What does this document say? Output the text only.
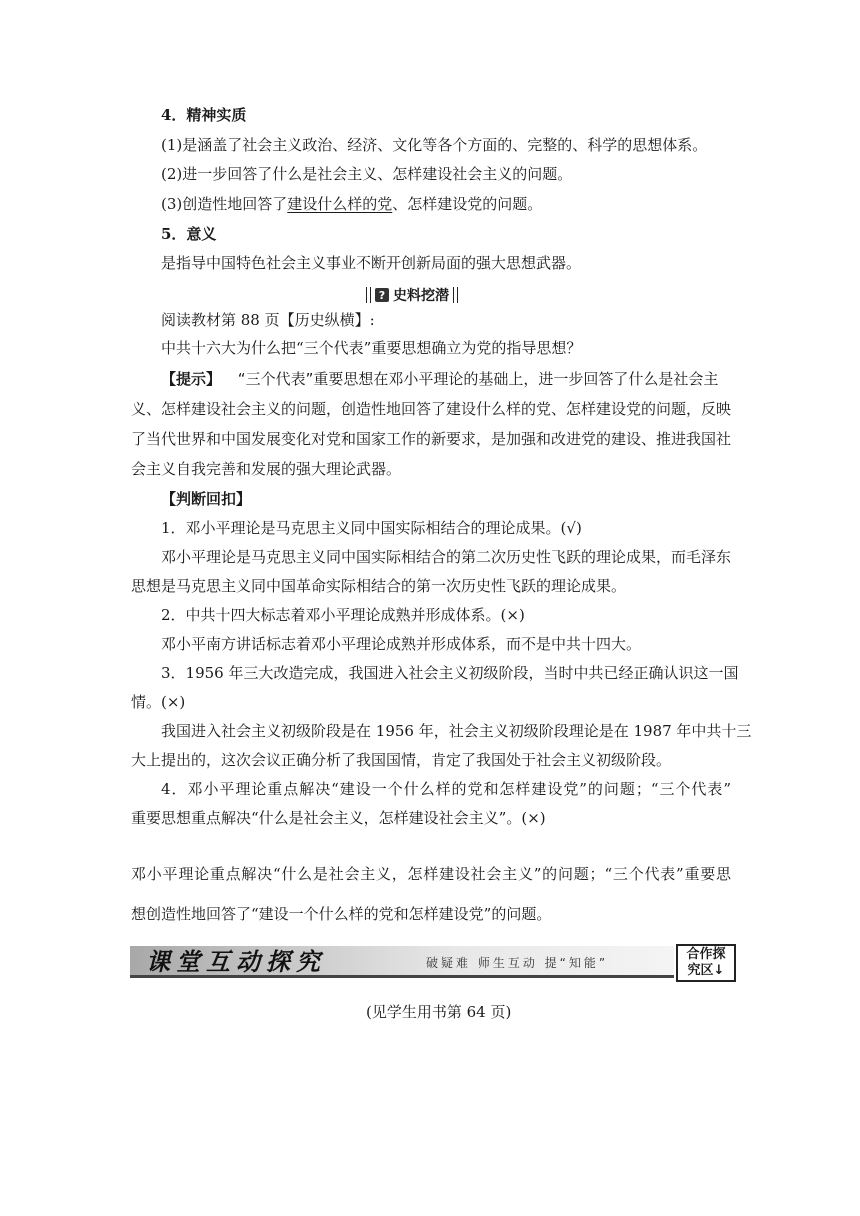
4．精神实质
(1)是涵盖了社会主义政治、经济、文化等各个方面的、完整的、科学的思想体系。
(2)进一步回答了什么是社会主义、怎样建设社会主义的问题。
(3)创造性地回答了建设什么样的党、怎样建设党的问题。
5．意义
是指导中国特色社会主义事业不断开创新局面的强大思想武器。
? 史料挖潜
阅读教材第 88 页【历史纵横】:
中共十六大为什么把“三个代表”重要思想确立为党的指导思想？
【提示】 “三个代表”重要思想在邓小平理论的基础上，进一步回答了什么是社会主
义、怎样建设社会主义的问题，创造性地回答了建设什么样的党、怎样建设党的问题，反映
了当代世界和中国发展变化对党和国家工作的新要求，是加强和改进党的建设、推进我国社
会主义自我完善和发展的强大理论武器。
【判断回扣】
1．邓小平理论是马克思主义同中国实际相结合的理论成果。(√)
邓小平理论是马克思主义同中国实际相结合的第二次历史性飞跃的理论成果，而毛泽东
思想是马克思主义同中国革命实际相结合的第一次历史性飞跃的理论成果。
2．中共十四大标志着邓小平理论成熟并形成体系。(×)
邓小平南方讲话标志着邓小平理论成熟并形成体系，而不是中共十四大。
3．1956 年三大改造完成，我国进入社会主义初级阶段，当时中共已经正确认识这一国
情。(×)
我国进入社会主义初级阶段是在 1956 年，社会主义初级阶段理论是在 1987 年中共十三
大上提出的，这次会议正确分析了我国国情，肯定了我国处于社会主义初级阶段。
4．邓小平理论重点解决“建设一个什么样的党和怎样建设党”的问题；“三个代表”
重要思想重点解决“什么是社会主义，怎样建设社会主义”。(×)
邓小平理论重点解决“什么是社会主义，怎样建设社会主义”的问题；“三个代表”重要思
想创造性地回答了“建设一个什么样的党和怎样建设党”的问题。
课堂互动探究	破疑难 师生互动 提“知能”
合作探
究区↓
(见学生用书第 64 页)
